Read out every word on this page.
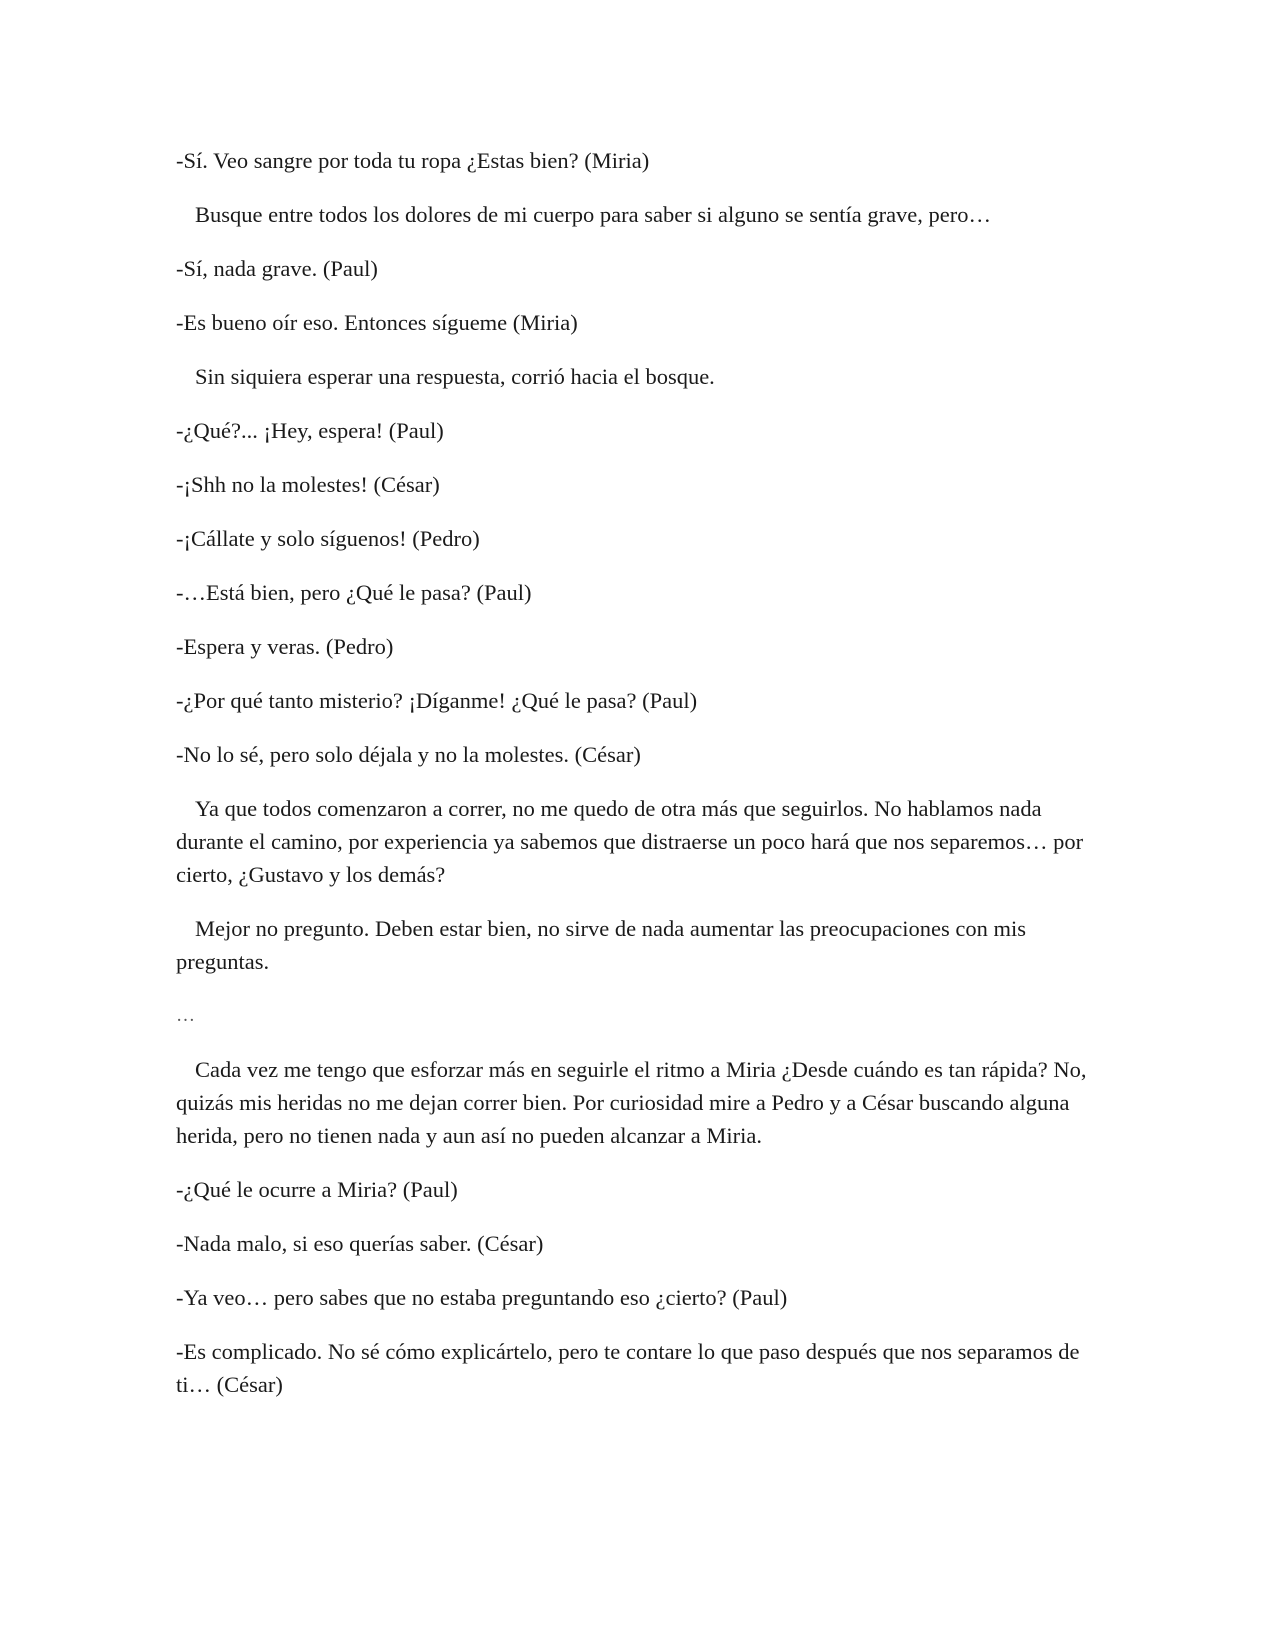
-Sí. Veo sangre por toda tu ropa ¿Estas bien? (Miria)

Busque entre todos los dolores de mi cuerpo para saber si alguno se sentía grave, pero…

-Sí, nada grave. (Paul)

-Es bueno oír eso. Entonces sígueme (Miria)

Sin siquiera esperar una respuesta, corrió hacia el bosque.

-¿Qué?... ¡Hey, espera! (Paul)

-¡Shh no la molestes! (César)

-¡Cállate y solo síguenos! (Pedro)

-…Está bien, pero ¿Qué le pasa? (Paul)

-Espera y veras. (Pedro)

-¿Por qué tanto misterio? ¡Díganme! ¿Qué le pasa? (Paul)

-No lo sé, pero solo déjala y no la molestes. (César)

Ya que todos comenzaron a correr, no me quedo de otra más que seguirlos. No hablamos nada durante el camino, por experiencia ya sabemos que distraerse un poco hará que nos separemos… por cierto, ¿Gustavo y los demás?

Mejor no pregunto. Deben estar bien, no sirve de nada aumentar las preocupaciones con mis preguntas.

…

Cada vez me tengo que esforzar más en seguirle el ritmo a Miria ¿Desde cuándo es tan rápida? No, quizás mis heridas no me dejan correr bien. Por curiosidad mire a Pedro y a César buscando alguna herida, pero no tienen nada y aun así no pueden alcanzar a Miria.

-¿Qué le ocurre a Miria? (Paul)

-Nada malo, si eso querías saber. (César)

-Ya veo… pero sabes que no estaba preguntando eso ¿cierto? (Paul)

-Es complicado. No sé cómo explicártelo, pero te contare lo que paso después que nos separamos de ti… (César)
